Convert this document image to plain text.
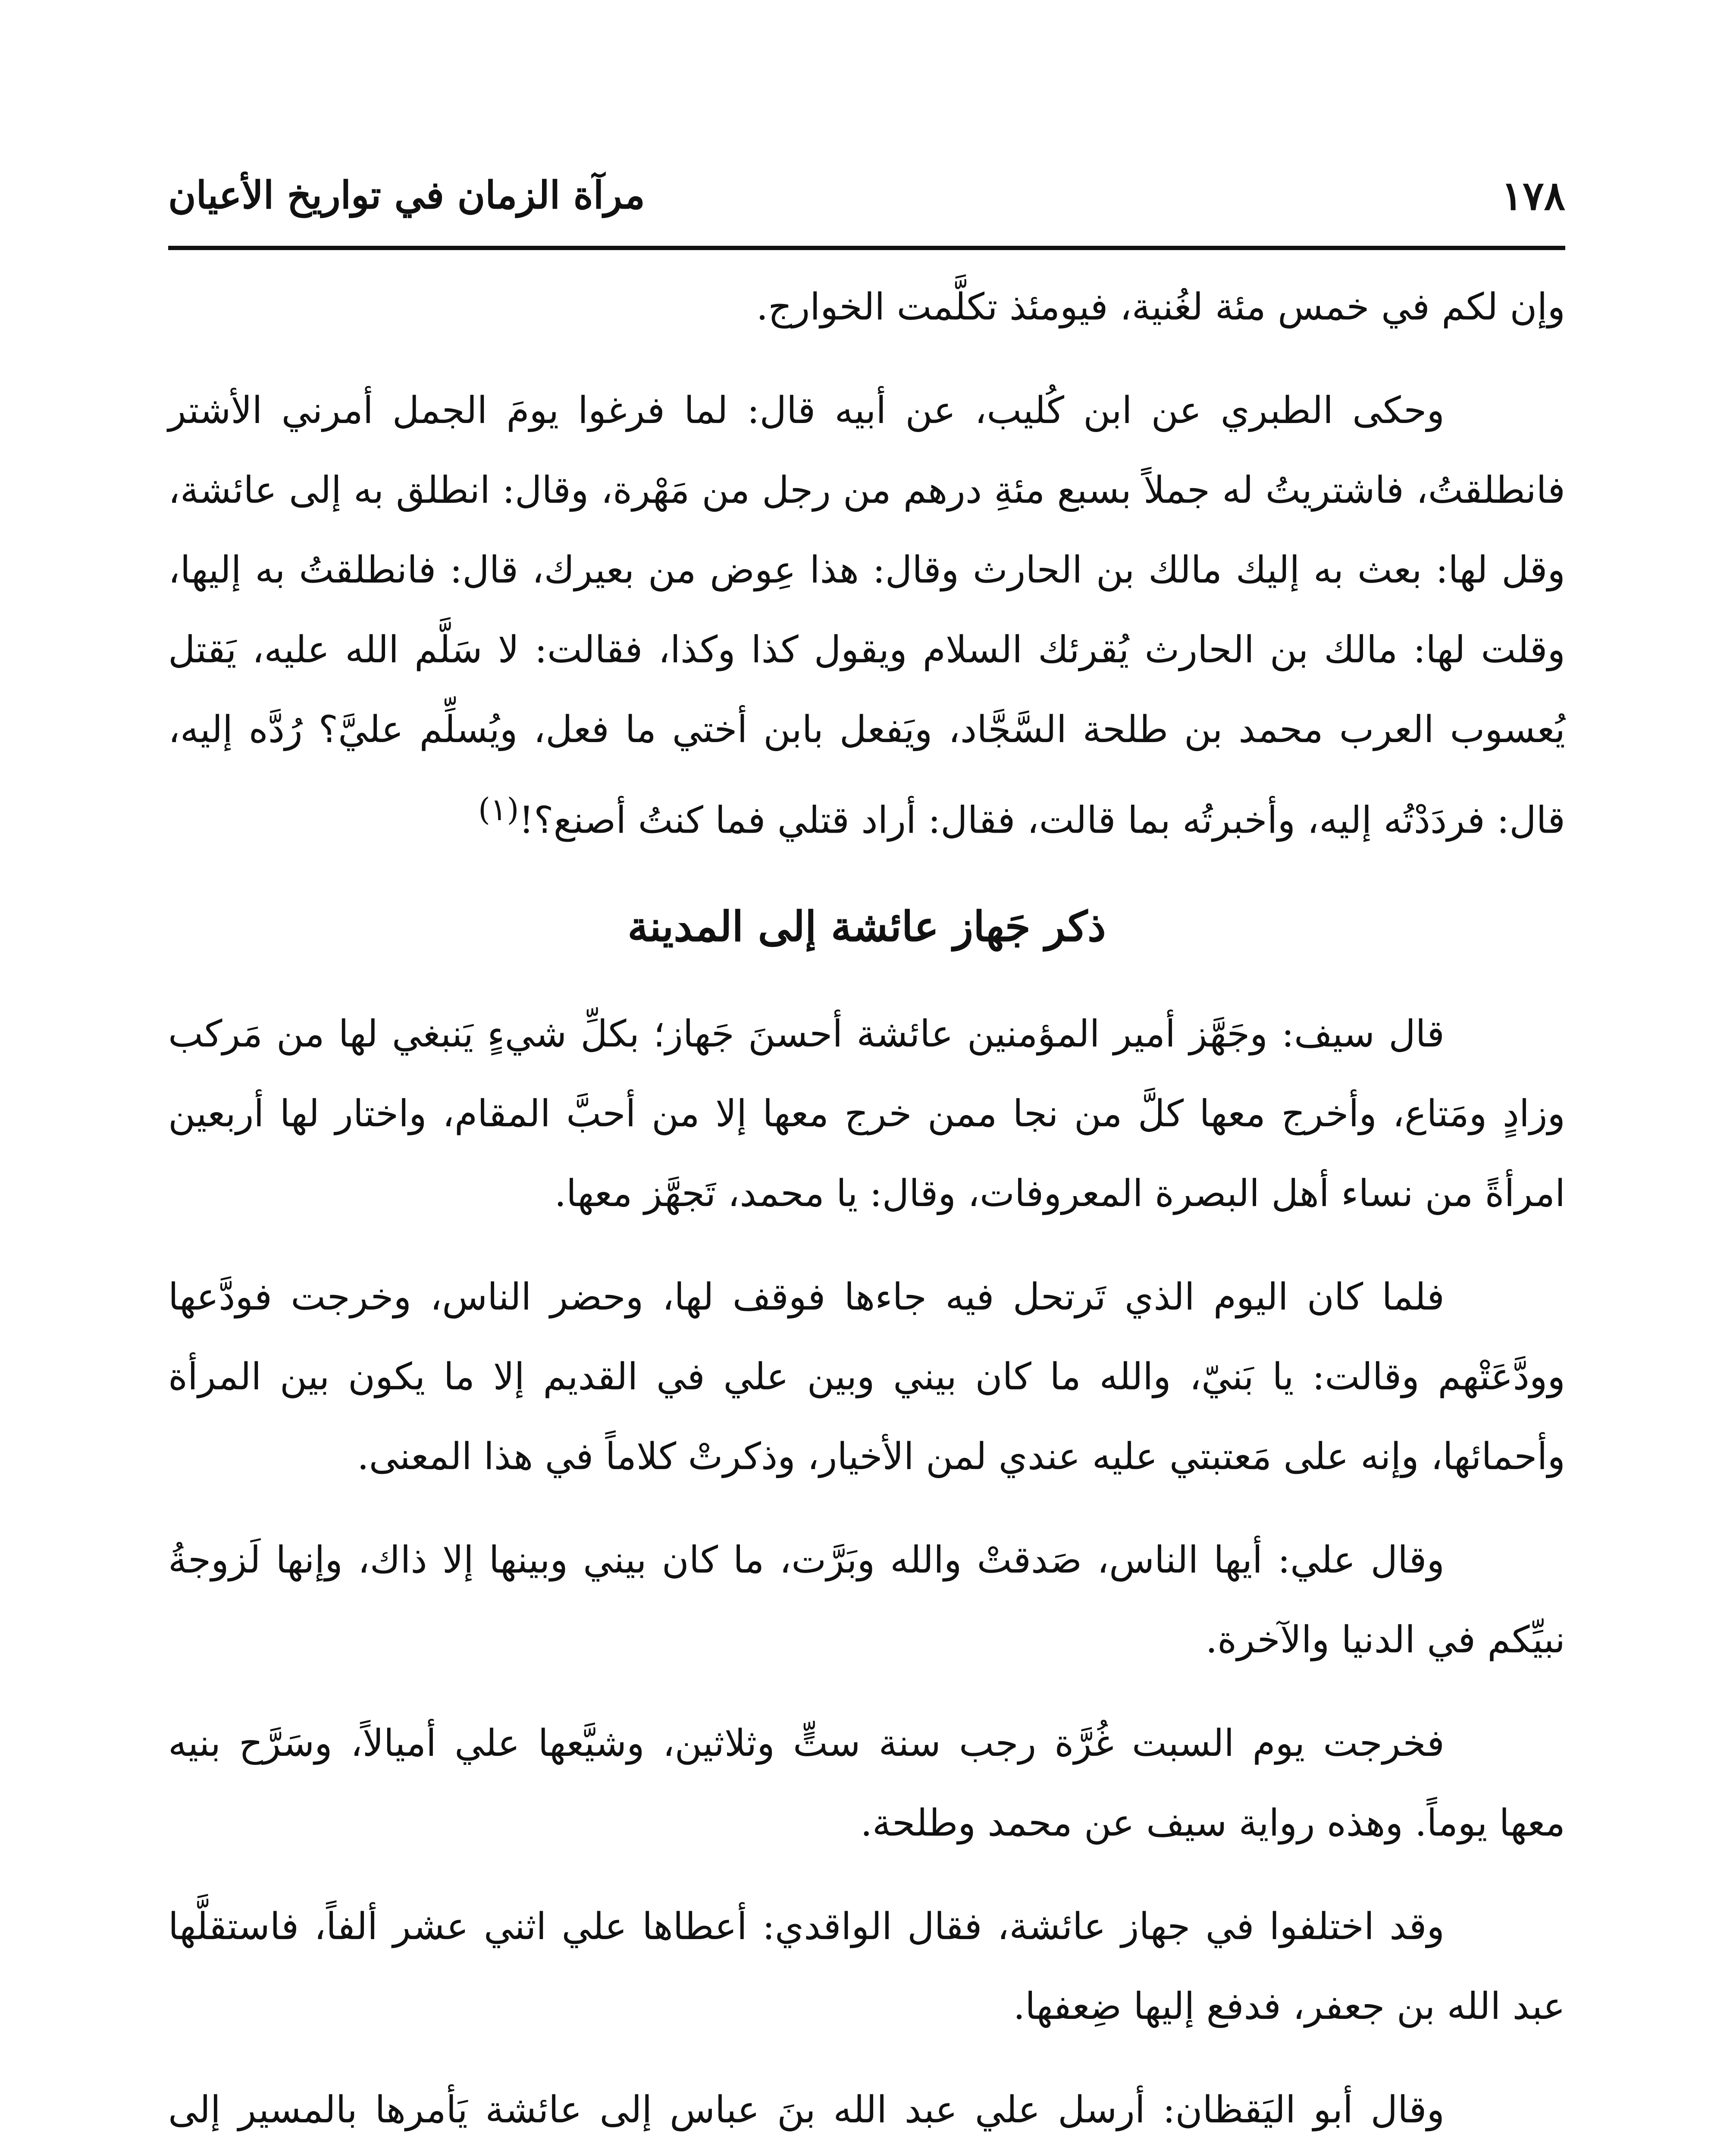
١٧٨
مرآة الزمان في تواريخ الأعيان

وإن لكم في خمس مئة لغُنية، فيومئذ تكلَّمت الخوارج.

وحكى الطبري عن ابن كُليب، عن أبيه قال: لما فرغوا يومَ الجمل أمرني الأشتر فانطلقتُ، فاشتريتُ له جملاً بسبع مئةِ درهم من رجل من مَهْرة، وقال: انطلق به إلى عائشة، وقل لها: بعث به إليك مالك بن الحارث وقال: هذا عِوض من بعيرك، قال: فانطلقتُ به إليها، وقلت لها: مالك بن الحارث يُقرئك السلام ويقول كذا وكذا، فقالت: لا سَلَّم الله عليه، يَقتل يُعسوب العرب محمد بن طلحة السَّجَّاد، ويَفعل بابن أختي ما فعل، ويُسلِّم عليَّ؟ رُدَّه إليه، قال: فردَدْتُه إليه، وأخبرتُه بما قالت، فقال: أراد قتلي فما كنتُ أصنع؟!$^{(١)}$

ذكر جَهاز عائشة إلى المدينة

قال سيف: وجَهَّز أمير المؤمنين عائشة أحسنَ جَهاز؛ بكلِّ شيءٍ يَنبغي لها من مَركب وزادٍ ومَتاع، وأخرج معها كلَّ من نجا ممن خرج معها إلا من أحبَّ المقام، واختار لها أربعين امرأةً من نساء أهل البصرة المعروفات، وقال: يا محمد، تَجهَّز معها.

فلما كان اليوم الذي تَرتحل فيه جاءها فوقف لها، وحضر الناس، وخرجت فودَّعها وودَّعَتْهم وقالت: يا بَنيّ، والله ما كان بيني وبين علي في القديم إلا ما يكون بين المرأة وأحمائها، وإنه على مَعتبتي عليه عندي لمن الأخيار، وذكرتْ كلاماً في هذا المعنى.

وقال علي: أيها الناس، صَدقتْ والله وبَرَّت، ما كان بيني وبينها إلا ذاك، وإنها لَزوجةُ نبيِّكم في الدنيا والآخرة.

فخرجت يوم السبت غُرَّة رجب سنة ستٍّ وثلاثين، وشيَّعها علي أميالاً، وسَرَّح بنيه معها يوماً. وهذه رواية سيف عن محمد وطلحة.

وقد اختلفوا في جهاز عائشة، فقال الواقدي: أعطاها علي اثني عشر ألفاً، فاستقلَّها عبد الله بن جعفر، فدفع إليها ضِعفها.

وقال أبو اليَقظان: أرسل علي عبد الله بنَ عباس إلى عائشة يَأمرها بالمسير إلى
